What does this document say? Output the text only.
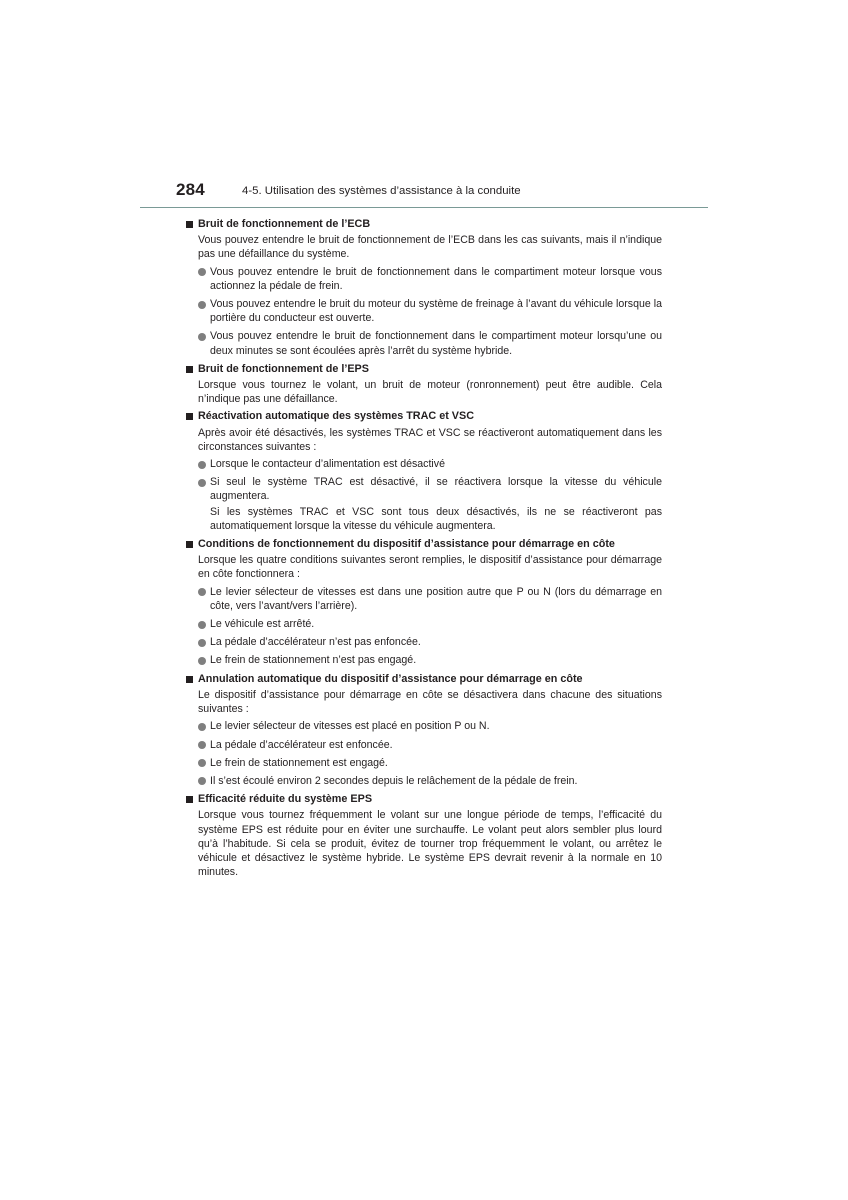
284	4-5. Utilisation des systèmes d’assistance à la conduite
Bruit de fonctionnement de l’ECB
Vous pouvez entendre le bruit de fonctionnement de l’ECB dans les cas suivants, mais il n’indique pas une défaillance du système.
Vous pouvez entendre le bruit de fonctionnement dans le compartiment moteur lorsque vous actionnez la pédale de frein.
Vous pouvez entendre le bruit du moteur du système de freinage à l’avant du véhicule lorsque la portière du conducteur est ouverte.
Vous pouvez entendre le bruit de fonctionnement dans le compartiment moteur lorsqu’une ou deux minutes se sont écoulées après l’arrêt du système hybride.
Bruit de fonctionnement de l’EPS
Lorsque vous tournez le volant, un bruit de moteur (ronronnement) peut être audible. Cela n’indique pas une défaillance.
Réactivation automatique des systèmes TRAC et VSC
Après avoir été désactivés, les systèmes TRAC et VSC se réactiveront automatiquement dans les circonstances suivantes :
Lorsque le contacteur d’alimentation est désactivé
Si seul le système TRAC est désactivé, il se réactivera lorsque la vitesse du véhicule augmentera.
Si les systèmes TRAC et VSC sont tous deux désactivés, ils ne se réactiveront pas automatiquement lorsque la vitesse du véhicule augmentera.
Conditions de fonctionnement du dispositif d’assistance pour démarrage en côte
Lorsque les quatre conditions suivantes seront remplies, le dispositif d’assistance pour démarrage en côte fonctionnera :
Le levier sélecteur de vitesses est dans une position autre que P ou N (lors du démarrage en côte, vers l’avant/vers l’arrière).
Le véhicule est arrêté.
La pédale d’accélérateur n’est pas enfoncée.
Le frein de stationnement n’est pas engagé.
Annulation automatique du dispositif d’assistance pour démarrage en côte
Le dispositif d’assistance pour démarrage en côte se désactivera dans chacune des situations suivantes :
Le levier sélecteur de vitesses est placé en position P ou N.
La pédale d’accélérateur est enfoncée.
Le frein de stationnement est engagé.
Il s’est écoulé environ 2 secondes depuis le relâchement de la pédale de frein.
Efficacité réduite du système EPS
Lorsque vous tournez fréquemment le volant sur une longue période de temps, l’efficacité du système EPS est réduite pour en éviter une surchauffe. Le volant peut alors sembler plus lourd qu’à l’habitude. Si cela se produit, évitez de tourner trop fréquemment le volant, ou arrêtez le véhicule et désactivez le système hybride. Le système EPS devrait revenir à la normale en 10 minutes.
